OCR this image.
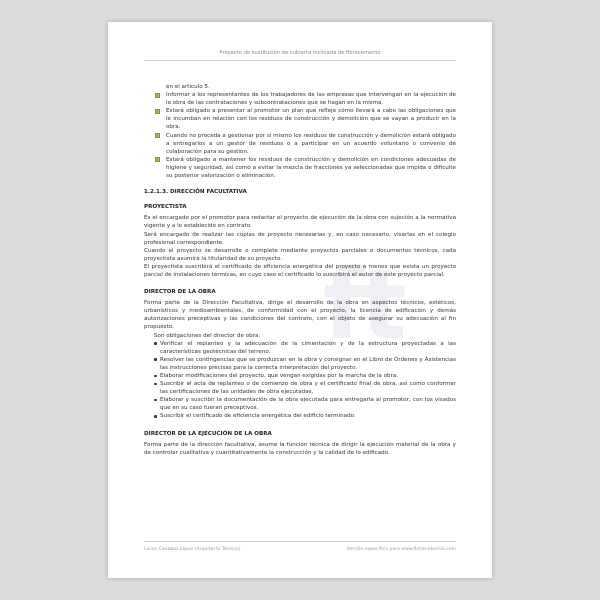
ft
Proyecto de sustitución de cubierta inclinada de fibrocemento

en el artículo 5.

Informar a los representantes de los trabajadores de las empresas que intervengan en la ejecución de la obra de las contrataciones y subcontrataciones que se hagan en la misma.
Estará obligado a presentar al promotor un plan que refleje cómo llevará a cabo las obligaciones que le incumban en relación con los residuos de construcción y demolición que se vayan a producir en la obra.
Cuando no proceda a gestionar por sí mismo los residuos de construcción y demolición estará obligado a entregarlos a un gestor de residuos o a participar en un acuerdo voluntario o convenio de colaboración para su gestión.
Estará obligado a mantener los residuos de construcción y demolición en condiciones adecuadas de higiene y seguridad, así como a evitar la mezcla de fracciones ya seleccionadas que impida o dificulte su posterior valorización o eliminación.
1.2.1.3. DIRECCIÓN FACULTATIVA
PROYECTISTA

Es el encargado por el promotor para redactar el proyecto de ejecución de la obra con sujeción a la normativa vigente y a lo establecido en contrato.

Será encargado de realizar las copias de proyecto necesarias y, en caso necesario, visarlas en el colegio profesional correspondiente.

Cuando el proyecto se desarrolle o complete mediante proyectos parciales o documentos técnicos, cada proyectista asumirá la titularidad de su proyecto.

El proyectista suscribirá el certificado de eficiencia energética del proyecto a menos que exista un proyecto parcial de instalaciones térmicas, en cuyo caso el certificado lo suscribirá el autor de este proyecto parcial.

DIRECTOR DE LA OBRA

Forma parte de la Dirección Facultativa, dirige el desarrollo de la obra en aspectos técnicos, estéticos, urbanísticos y medioambientales, de conformidad con el proyecto, la licencia de edificación y demás autorizaciones preceptivas y las condiciones del contrato, con el objeto de asegurar su adecuación al fin propuesto.

Son obligaciones del director de obra:

Verificar el replanteo y la adecuación de la cimentación y de la estructura proyectadas a las características geotécnicas del terreno.
Resolver las contingencias que se produzcan en la obra y consignar en el Libro de Órdenes y Asistencias las instrucciones precisas para la correcta interpretación del proyecto.
Elaborar modificaciones del proyecto, que vengan exigidas por la marcha de la obra.
Suscribir el acta de replanteo o de comienzo de obra y el certificado final de obra, así como conformar las certificaciones de las unidades de obra ejecutadas.
Elaborar y suscribir la documentación de la obra ejecutada para entregarla al promotor, con los visados que en su caso fueran preceptivos.
Suscribir el certificado de eficiencia energética del edificio terminado.
DIRECTOR DE LA EJECUCIÓN DE LA OBRA

Forma parte de la dirección facultativa, asume la función técnica de dirigir la ejecución material de la obra y de controlar cualitativa y cuantitativamente la construcción y la calidad de lo edificado.

Lucas Canabas López (Arquitecto Técnico)	Versión específica para www.fichenotecnia.com
